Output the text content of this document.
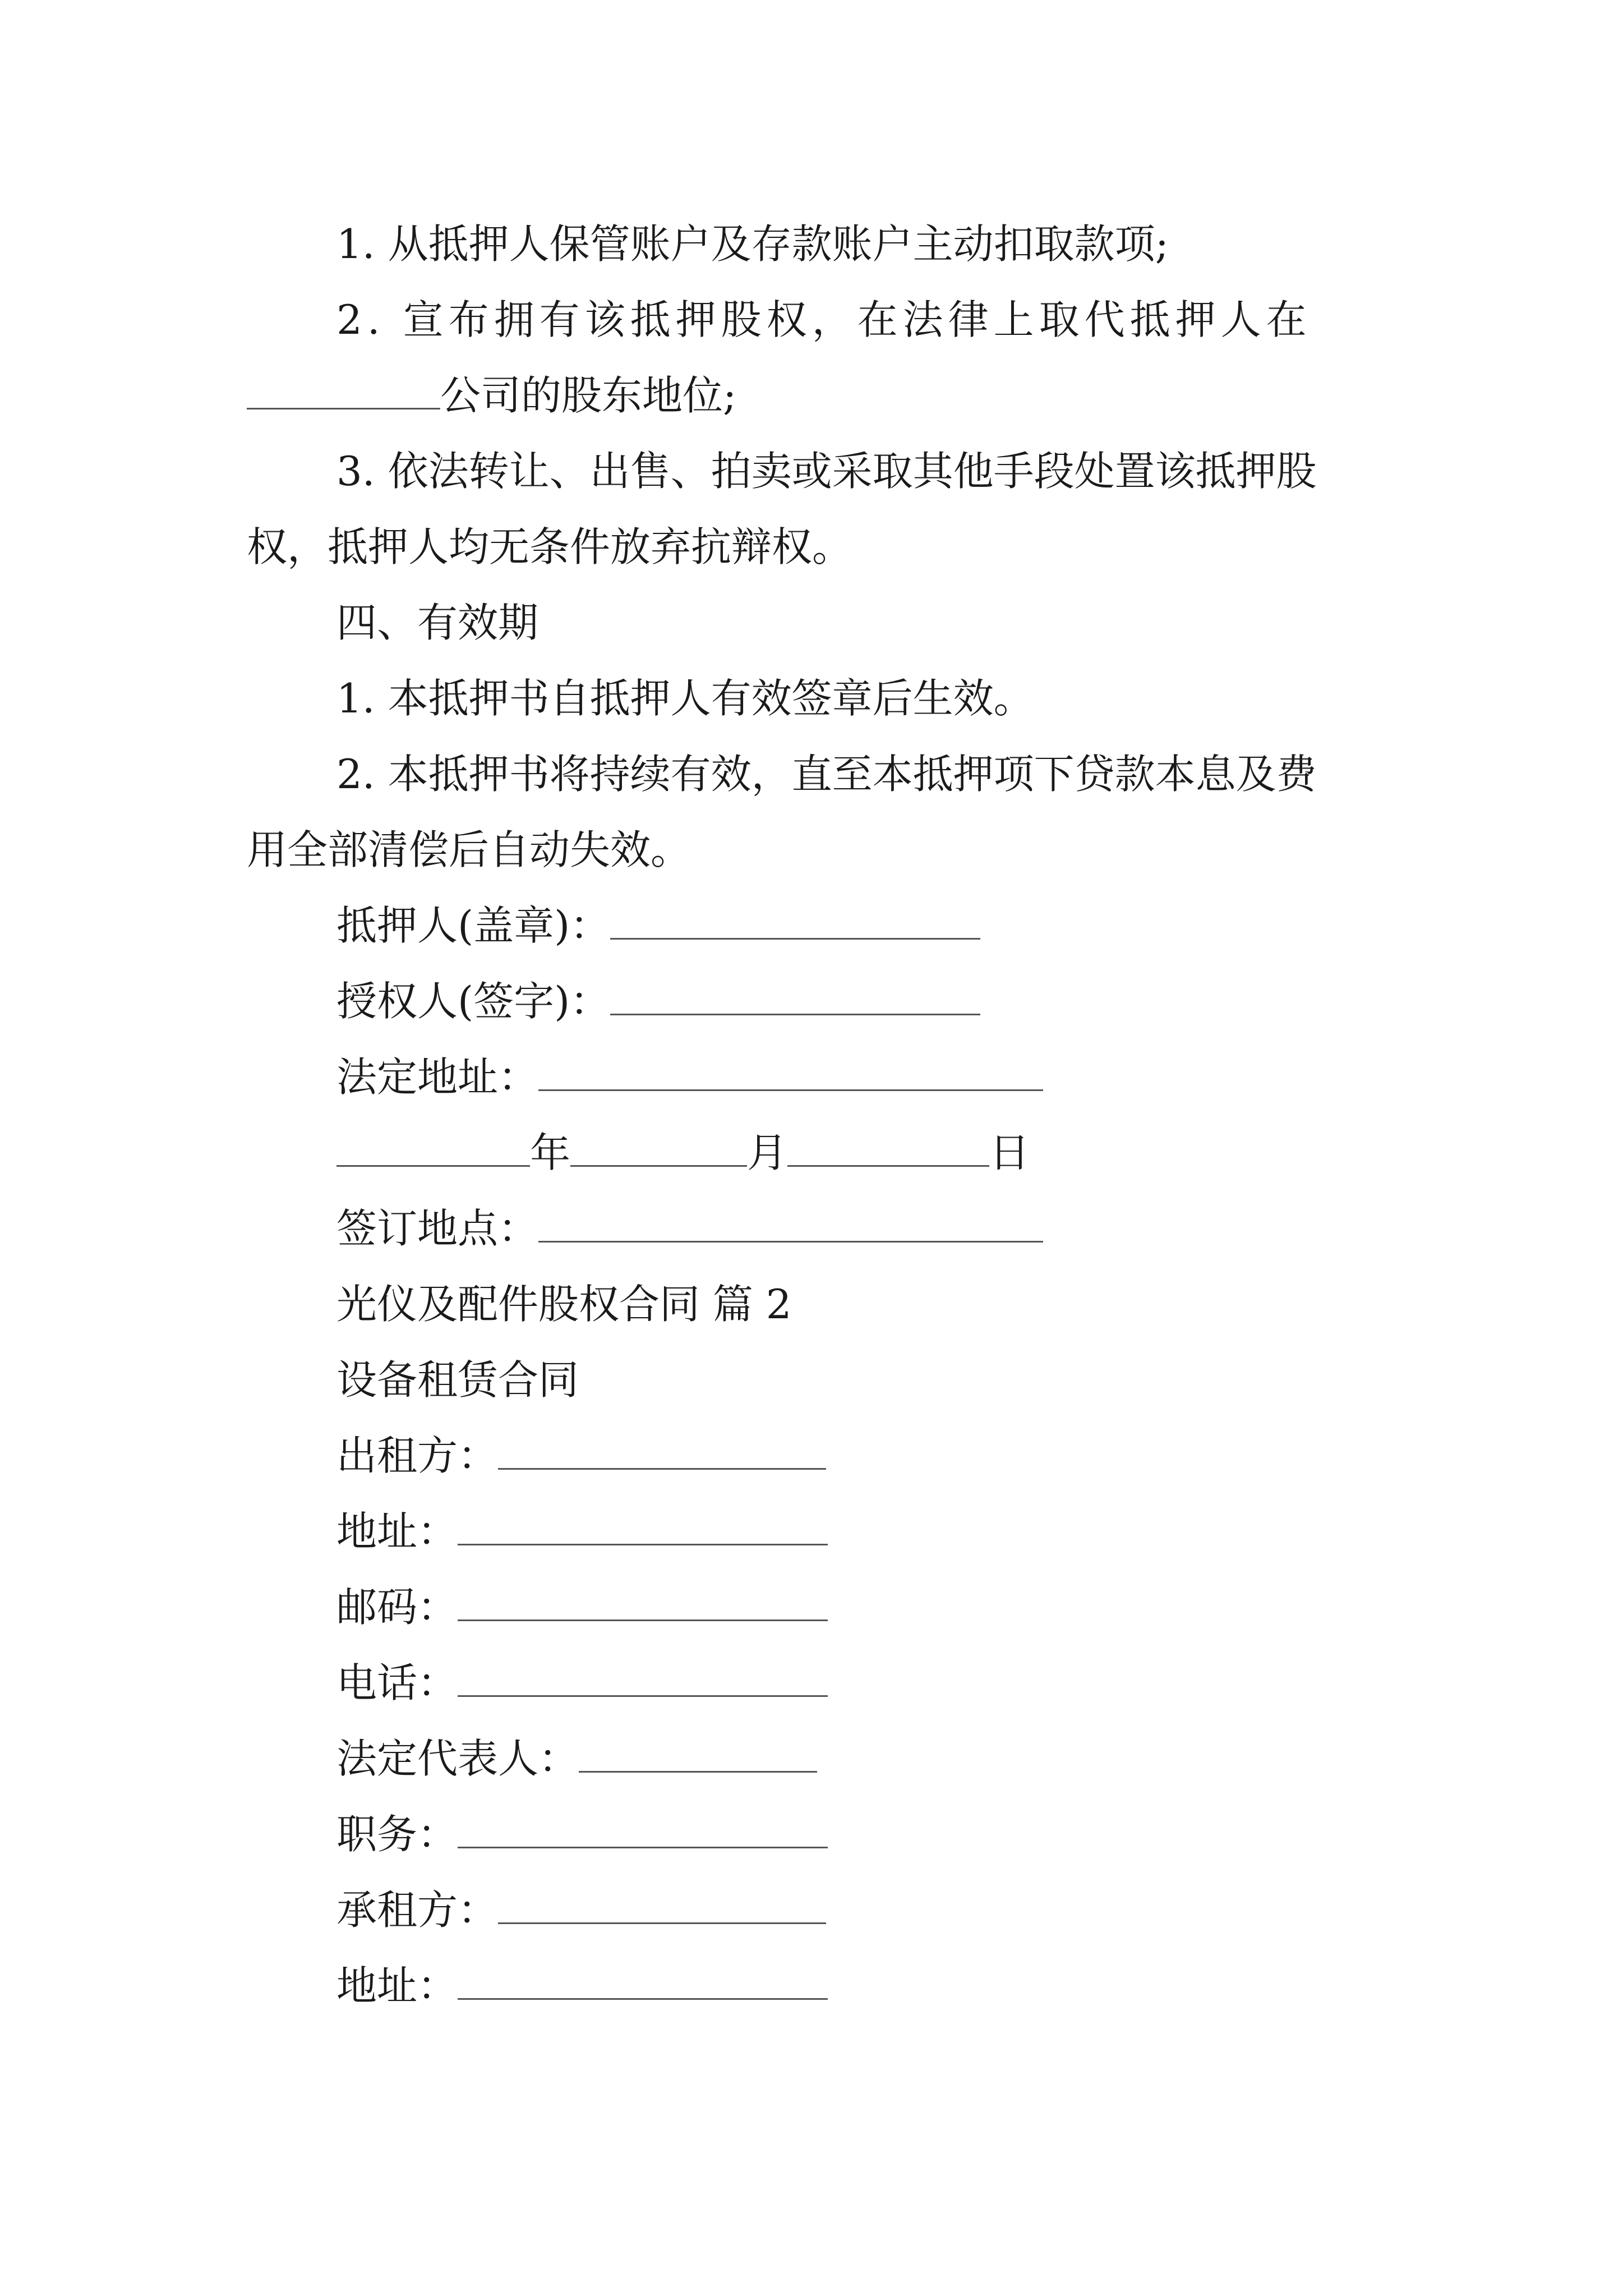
1. 从抵押人保管账户及存款账户主动扣取款项;
2. 宣布拥有该抵押股权，在法律上取代抵押人在
公司的股东地位;
3. 依法转让、出售、拍卖或采取其他手段处置该抵押股
权，抵押人均无条件放弃抗辩权。
四、有效期
1. 本抵押书自抵押人有效签章后生效。
2. 本抵押书将持续有效，直至本抵押项下贷款本息及费
用全部清偿后自动失效。
抵押人(盖章)：
授权人(签字)：
法定地址：
年	月	日
签订地点：
光仪及配件股权合同 篇 2
设备租赁合同
出租方：
地址：
邮码：
电话：
法定代表人：
职务：
承租方：
地址：
